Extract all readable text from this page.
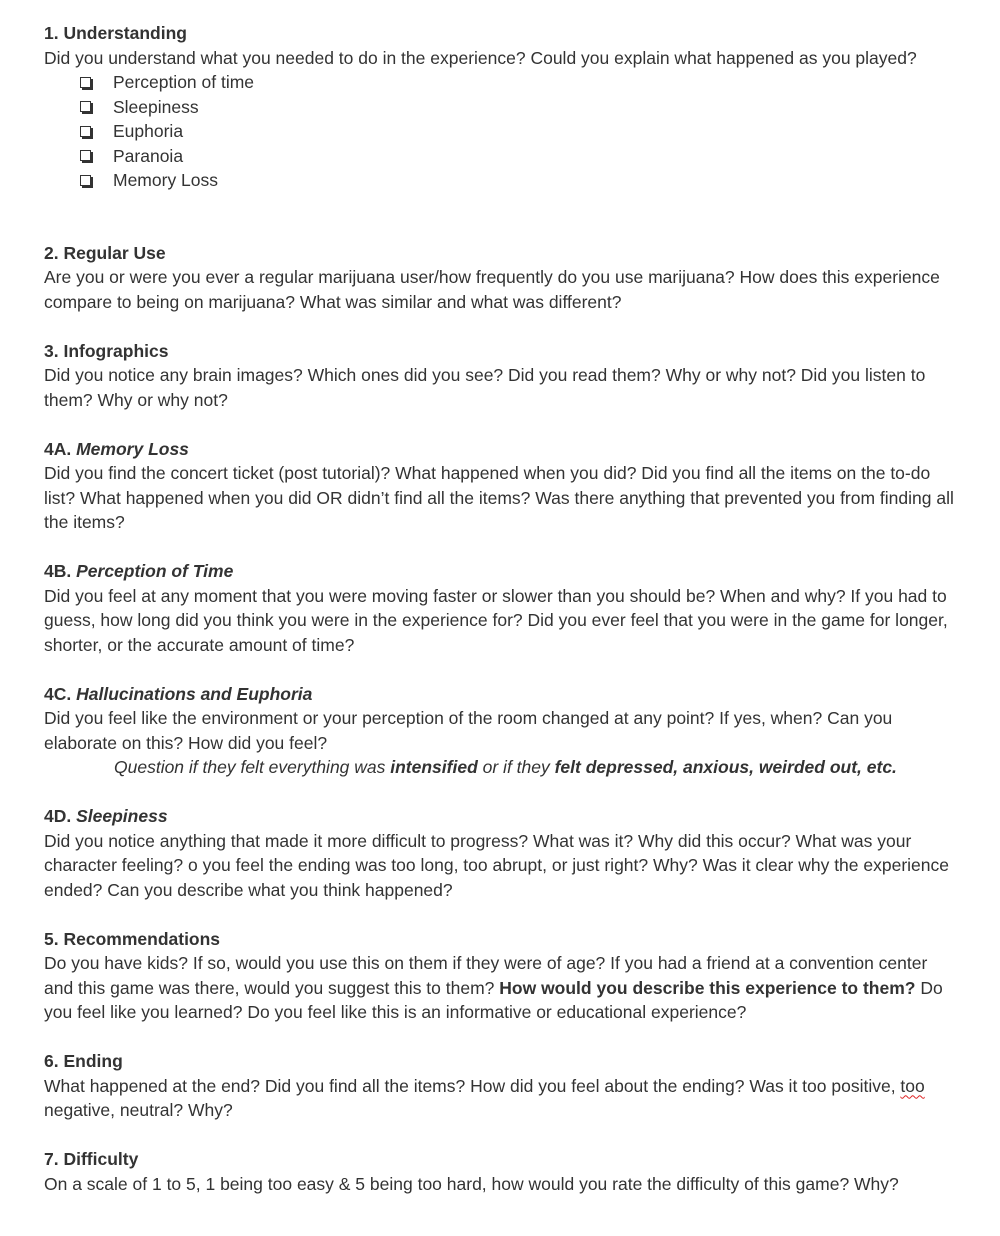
1. Understanding
Did you understand what you needed to do in the experience? Could you explain what happened as you played?
Perception of time
Sleepiness
Euphoria
Paranoia
Memory Loss
2. Regular Use
Are you or were you ever a regular marijuana user/how frequently do you use marijuana? How does this experience compare to being on marijuana? What was similar and what was different?
3. Infographics
Did you notice any brain images? Which ones did you see? Did you read them? Why or why not? Did you listen to them? Why or why not?
4A. Memory Loss
Did you find the concert ticket (post tutorial)? What happened when you did? Did you find all the items on the to-do list? What happened when you did OR didn’t find all the items? Was there anything that prevented you from finding all the items?
4B. Perception of Time
Did you feel at any moment that you were moving faster or slower than you should be? When and why? If you had to guess, how long did you think you were in the experience for? Did you ever feel that you were in the game for longer, shorter, or the accurate amount of time?
4C. Hallucinations and Euphoria
Did you feel like the environment or your perception of the room changed at any point? If yes, when? Can you elaborate on this? How did you feel?
Question if they felt everything was intensified or if they felt depressed, anxious, weirded out, etc.
4D. Sleepiness
Did you notice anything that made it more difficult to progress? What was it? Why did this occur? What was your character feeling? o you feel the ending was too long, too abrupt, or just right? Why? Was it clear why the experience ended? Can you describe what you think happened?
5. Recommendations
Do you have kids? If so, would you use this on them if they were of age? If you had a friend at a convention center and this game was there, would you suggest this to them? How would you describe this experience to them? Do you feel like you learned? Do you feel like this is an informative or educational experience?
6. Ending
What happened at the end? Did you find all the items? How did you feel about the ending? Was it too positive, too negative, neutral? Why?
7. Difficulty
On a scale of 1 to 5, 1 being too easy & 5 being too hard, how would you rate the difficulty of this game? Why?
